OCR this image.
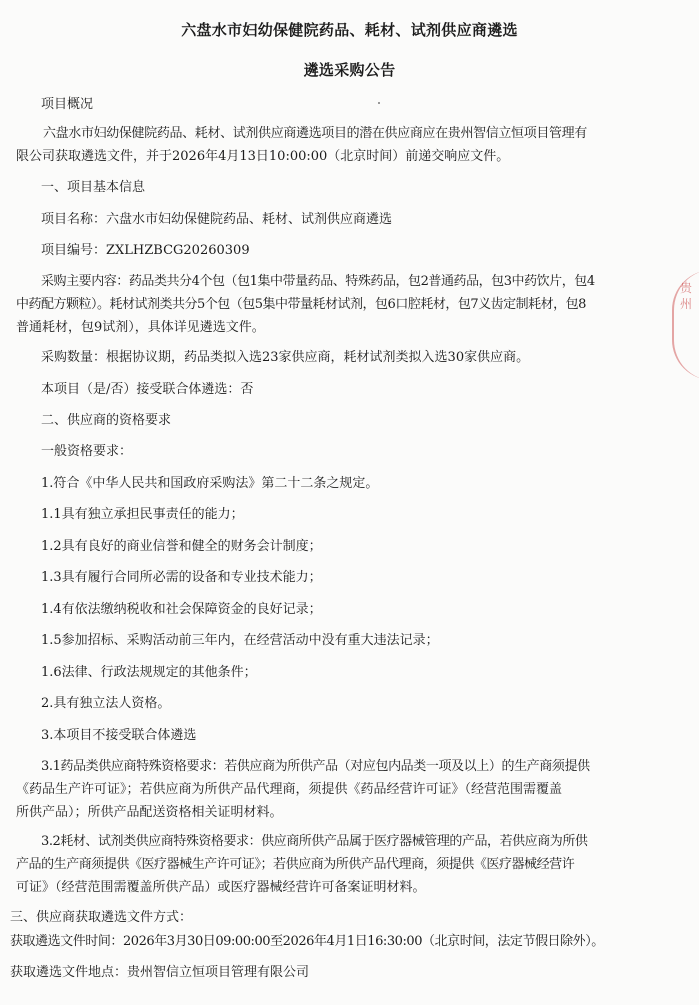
六盘水市妇幼保健院药品、耗材、试剂供应商遴选
遴选采购公告
项目概况
六盘水市妇幼保健院药品、耗材、试剂供应商遴选项目的潜在供应商应在贵州智信立恒项目管理有
限公司获取遴选文件，并于2026年4月13日10:00:00（北京时间）前递交响应文件。
一、项目基本信息
项目名称：六盘水市妇幼保健院药品、耗材、试剂供应商遴选
项目编号：ZXLHZBCG20260309
采购主要内容：药品类共分4个包（包1集中带量药品、特殊药品，包2普通药品，包3中药饮片，包4
中药配方颗粒）。耗材试剂类共分5个包（包5集中带量耗材试剂，包6口腔耗材，包7义齿定制耗材，包8
普通耗材，包9试剂），具体详见遴选文件。
采购数量：根据协议期，药品类拟入选23家供应商，耗材试剂类拟入选30家供应商。
本项目（是/否）接受联合体遴选：否
二、供应商的资格要求
一般资格要求：
1.符合《中华人民共和国政府采购法》第二十二条之规定。
1.1具有独立承担民事责任的能力；
1.2具有良好的商业信誉和健全的财务会计制度；
1.3具有履行合同所必需的设备和专业技术能力；
1.4有依法缴纳税收和社会保障资金的良好记录；
1.5参加招标、采购活动前三年内，在经营活动中没有重大违法记录；
1.6法律、行政法规规定的其他条件；
2.具有独立法人资格。
3.本项目不接受联合体遴选
3.1药品类供应商特殊资格要求：若供应商为所供产品（对应包内品类一项及以上）的生产商须提供
《药品生产许可证》；若供应商为所供产品代理商，须提供《药品经营许可证》（经营范围需覆盖
所供产品）；所供产品配送资格相关证明材料。
3.2耗材、试剂类供应商特殊资格要求：供应商所供产品属于医疗器械管理的产品，若供应商为所供
产品的生产商须提供《医疗器械生产许可证》；若供应商为所供产品代理商，须提供《医疗器械经营许
可证》（经营范围需覆盖所供产品）或医疗器械经营许可备案证明材料。
三、供应商获取遴选文件方式：
获取遴选文件时间：2026年3月30日09:00:00至2026年4月1日16:30:00（北京时间，法定节假日除外）。
获取遴选文件地点：贵州智信立恒项目管理有限公司
贵州
